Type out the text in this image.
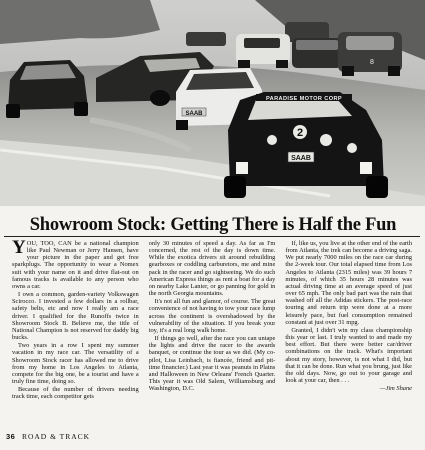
8
SAAB
PARADISE MOTOR CORP
2
SAAB
Showroom Stock: Getting There is Half the Fun

YOU, TOO, CAN be a national champion like Paul Newman or Jerry Hansen, have your picture in the paper and get free sparkplugs. The opportunity to wear a Nomex suit with your name on it and drive flat-out on famous tracks is available to any person who owns a car.

I own a common, garden-variety Volkswagen Scirocco. I invested a few dollars in a rollbar, safety belts, etc and now I really am a race driver. I qualified for the Runoffs twice in Showroom Stock B. Believe me, the title of National Champion is not reserved for daddy big bucks.

Two years in a row I spent my summer vacation in my race car. The versatility of a Showroom Stock racer has allowed me to drive from my home in Los Angeles to Atlanta, compete for the big one, be a tourist and have a truly fine time, doing so.

Because of the number of drivers needing track time, each competitor gets

only 30 minutes of speed a day. As far as I'm concerned, the rest of the day is down time. While the exotica drivers sit around rebuilding gearboxes or coddling carburetors, me and mine pack in the racer and go sightseeing. We do such American Express things as rent a boat for a day on nearby Lake Lanier, or go panning for gold in the north Georgia mountains.

It's not all fun and glamor, of course. The great convenience of not having to tow your race lump across the continent is overshadowed by the vulnerability of the situation. If you break your toy, it's a real long walk home.

If things go well, after the race you can untape the lights and drive the racer to the awards banquet, or continue the tour as we did. (My co-pilot, Lisa Leinbach, is fiancée, friend and pit-time financier.) Last year it was peanuts in Plains and Halloween in New Orleans' French Quarter. This year it was Old Salem, Williamsburg and Washington, D.C.

If, like us, you live at the other end of the earth from Atlanta, the trek can become a driving saga. We put nearly 7000 miles on the race car during the 2-week tour. Our total elapsed time from Los Angeles to Atlanta (2315 miles) was 39 hours 7 minutes, of which 35 hours 28 minutes was actual driving time at an average speed of just over 65 mph. The only bad part was the rain that washed off all the Adidas stickers. The post-race touring and return trip were done at a more leisurely pace, but fuel consumption remained constant at just over 31 mpg.

Granted, I didn't win my class championship this year or last. I truly wanted to and made my best effort. But there were better car/driver combinations on the track. What's important about my story, however, is not what I did, but that it can be done. Run what you brung, just like the old days. Now, go out to your garage and look at your car, then . . .

—Jim Shane

36 ROAD & TRACK
